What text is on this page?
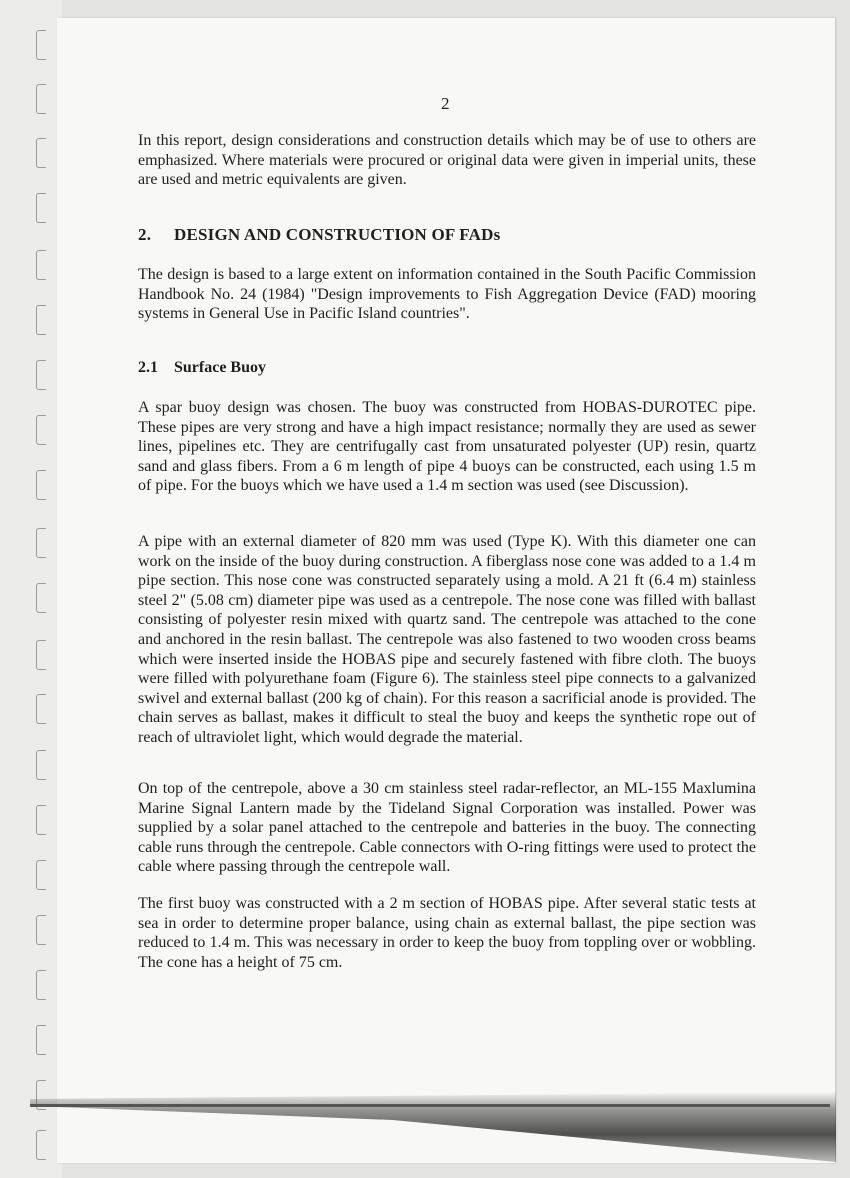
2

In this report, design considerations and construction details which may be of use to others are emphasized. Where materials were procured or original data were given in imperial units, these are used and metric equivalents are given.

2. DESIGN AND CONSTRUCTION OF FADs

The design is based to a large extent on information contained in the South Pacific Commission Handbook No. 24 (1984) "Design improvements to Fish Aggregation Device (FAD) mooring systems in General Use in Pacific Island countries".

2.1 Surface Buoy

A spar buoy design was chosen. The buoy was constructed from HOBAS-DUROTEC pipe. These pipes are very strong and have a high impact resistance; normally they are used as sewer lines, pipelines etc. They are centrifugally cast from unsaturated polyester (UP) resin, quartz sand and glass fibers. From a 6 m length of pipe 4 buoys can be constructed, each using 1.5 m of pipe. For the buoys which we have used a 1.4 m section was used (see Discussion).

A pipe with an external diameter of 820 mm was used (Type K). With this diameter one can work on the inside of the buoy during construction. A fiberglass nose cone was added to a 1.4 m pipe section. This nose cone was constructed separately using a mold. A 21 ft (6.4 m) stainless steel 2" (5.08 cm) diameter pipe was used as a centrepole. The nose cone was filled with ballast consisting of polyester resin mixed with quartz sand. The centrepole was attached to the cone and anchored in the resin ballast. The centrepole was also fastened to two wooden cross beams which were inserted inside the HOBAS pipe and securely fastened with fibre cloth. The buoys were filled with polyurethane foam (Figure 6). The stainless steel pipe connects to a galvanized swivel and external ballast (200 kg of chain). For this reason a sacrificial anode is provided. The chain serves as ballast, makes it difficult to steal the buoy and keeps the synthetic rope out of reach of ultraviolet light, which would degrade the material.

On top of the centrepole, above a 30 cm stainless steel radar-reflector, an ML-155 Maxlumina Marine Signal Lantern made by the Tideland Signal Corporation was installed. Power was supplied by a solar panel attached to the centrepole and batteries in the buoy. The connecting cable runs through the centrepole. Cable connectors with O-ring fittings were used to protect the cable where passing through the centrepole wall.

The first buoy was constructed with a 2 m section of HOBAS pipe. After several static tests at sea in order to determine proper balance, using chain as external ballast, the pipe section was reduced to 1.4 m. This was necessary in order to keep the buoy from toppling over or wobbling. The cone has a height of 75 cm.
